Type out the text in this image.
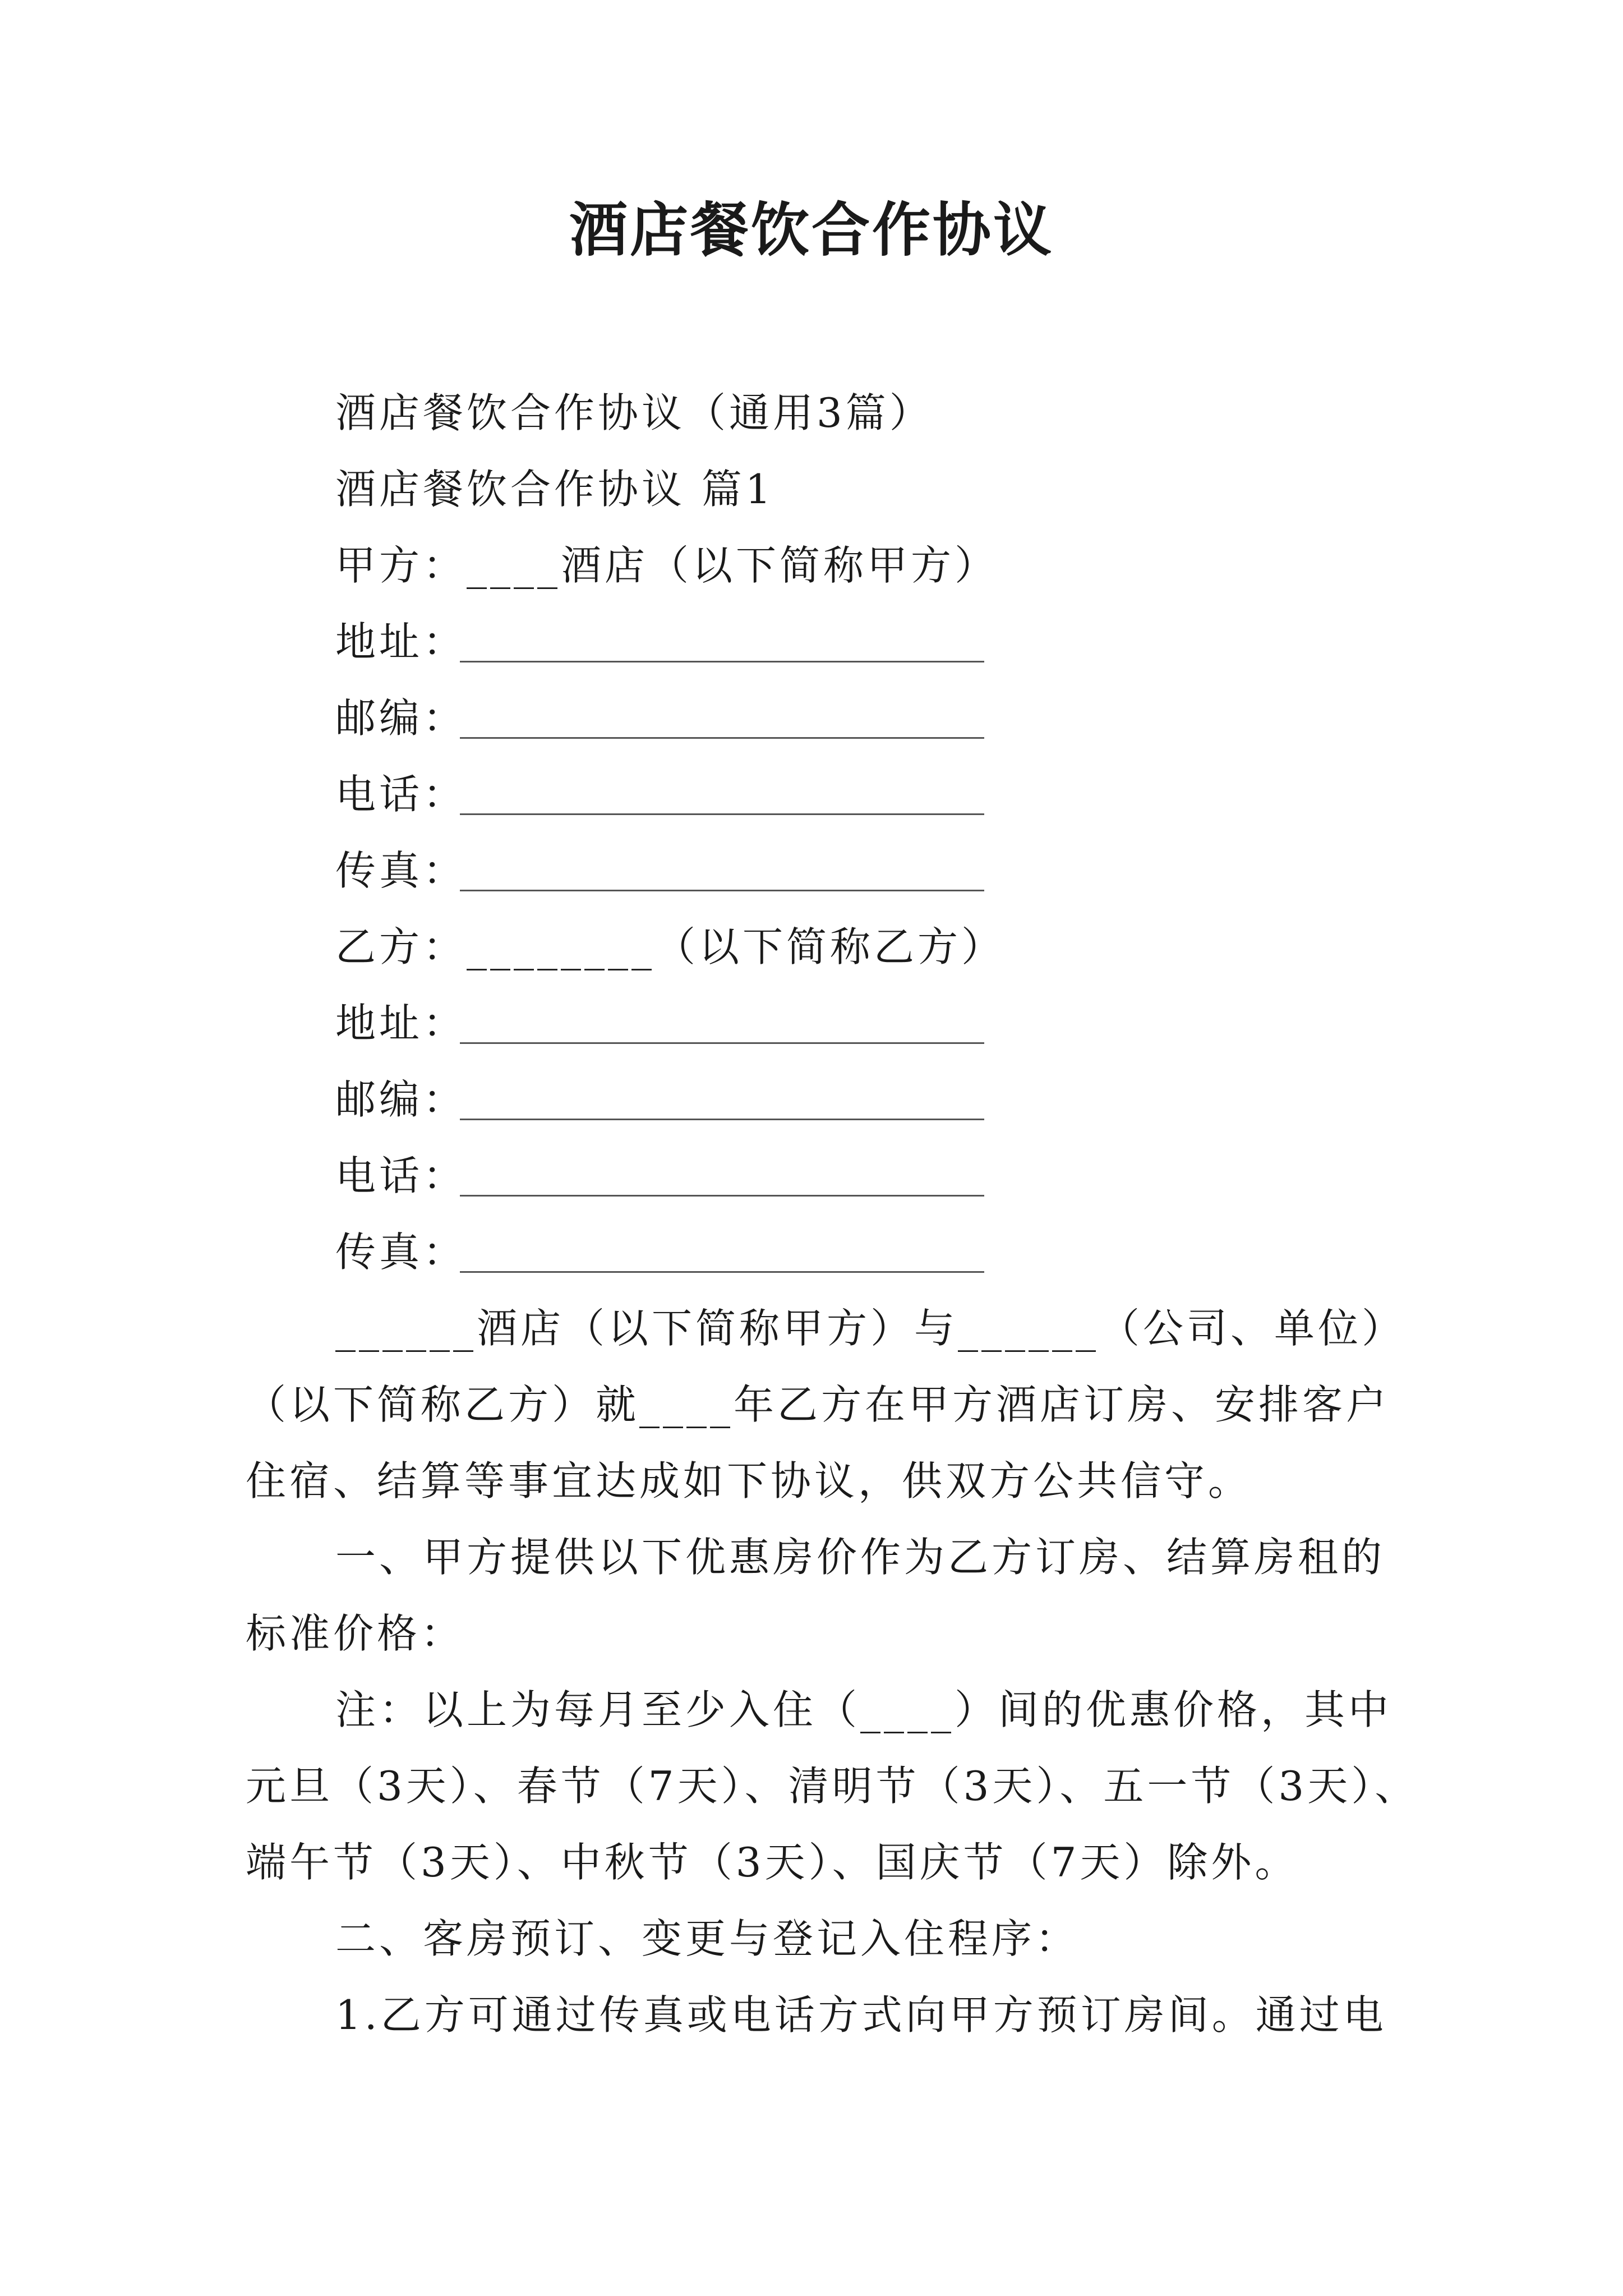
酒店餐饮合作协议
酒店餐饮合作协议（通用3篇）
酒店餐饮合作协议 篇1
甲方：____酒店（以下简称甲方）
地址：
邮编：
电话：
传真：
乙方：________（以下简称乙方）
地址：
邮编：
电话：
传真：
______酒店（以下简称甲方）与______（公司、单位）
（以下简称乙方）就____年乙方在甲方酒店订房、安排客户
住宿、结算等事宜达成如下协议，供双方公共信守。
一、甲方提供以下优惠房价作为乙方订房、结算房租的
标准价格：
注：以上为每月至少入住（____）间的优惠价格，其中
元旦（3天）、春节（7天）、清明节（3天）、五一节（3天）、
端午节（3天）、中秋节（3天）、国庆节（7天）除外。
二、客房预订、变更与登记入住程序：
1.乙方可通过传真或电话方式向甲方预订房间。通过电
